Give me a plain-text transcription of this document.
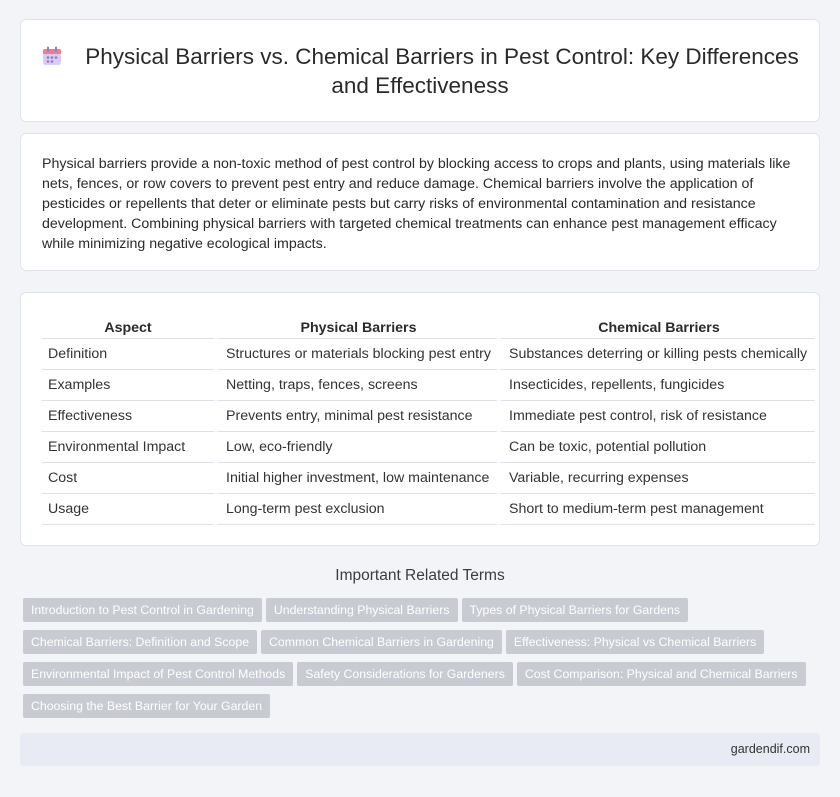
Physical Barriers vs. Chemical Barriers in Pest Control: Key Differences and Effectiveness

Physical barriers provide a non-toxic method of pest control by blocking access to crops and plants, using materials like nets, fences, or row covers to prevent pest entry and reduce damage. Chemical barriers involve the application of pesticides or repellents that deter or eliminate pests but carry risks of environmental contamination and resistance development. Combining physical barriers with targeted chemical treatments can enhance pest management efficacy while minimizing negative ecological impacts.

Aspect	Physical Barriers	Chemical Barriers
Definition	Structures or materials blocking pest entry	Substances deterring or killing pests chemically
Examples	Netting, traps, fences, screens	Insecticides, repellents, fungicides
Effectiveness	Prevents entry, minimal pest resistance	Immediate pest control, risk of resistance
Environmental Impact	Low, eco-friendly	Can be toxic, potential pollution
Cost	Initial higher investment, low maintenance	Variable, recurring expenses
Usage	Long-term pest exclusion	Short to medium-term pest management
Important Related Terms
Introduction to Pest Control in Gardening Understanding Physical Barriers Types of Physical Barriers for Gardens
Chemical Barriers: Definition and Scope Common Chemical Barriers in Gardening Effectiveness: Physical vs Chemical Barriers
Environmental Impact of Pest Control Methods Safety Considerations for Gardeners Cost Comparison: Physical and Chemical Barriers
Choosing the Best Barrier for Your Garden
gardendif.com
